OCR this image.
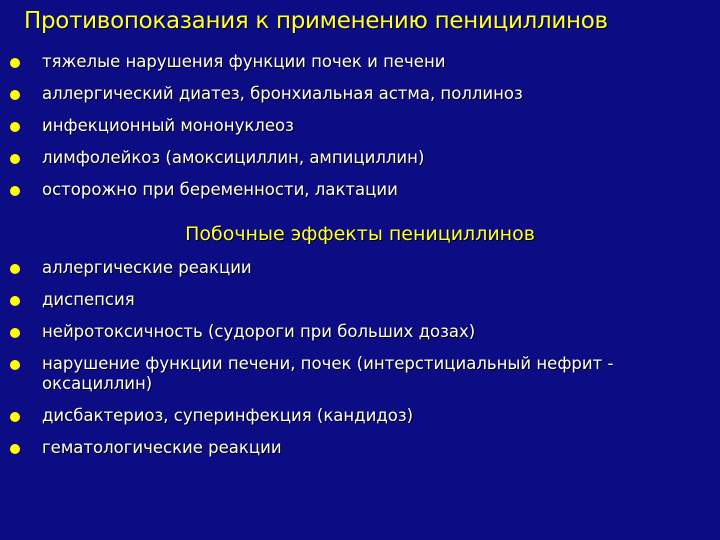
Противопоказания к применению пенициллинов
тяжелые нарушения функции почек и печени
аллергический диатез, бронхиальная астма, поллиноз
инфекционный мононуклеоз
лимфолейкоз (амоксициллин, ампициллин)
осторожно при беременности, лактации
Побочные эффекты пенициллинов
аллергические реакции
диспепсия
нейротоксичность (судороги при больших дозах)
нарушение функции печени, почек (интерстициальный нефрит - оксациллин)
дисбактериоз, суперинфекция (кандидоз)
гематологические реакции
